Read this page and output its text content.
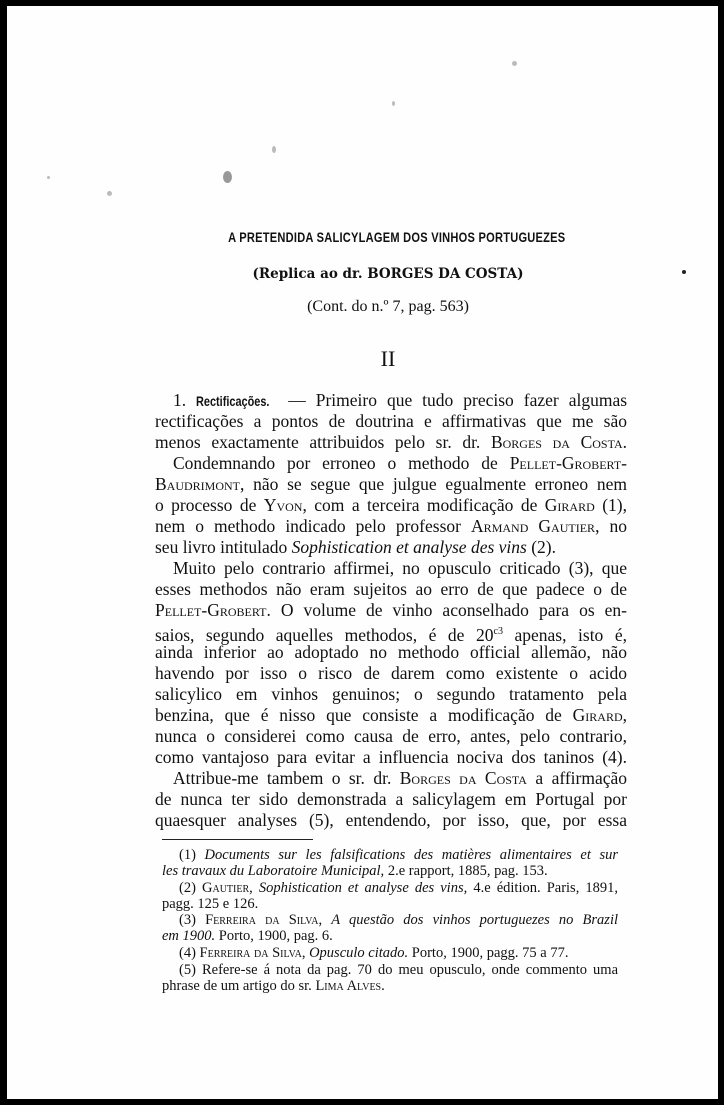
A PRETENDIDA SALICYLAGEM DOS VINHOS PORTUGUEZES
(Replica ao dr. BORGES DA COSTA)
(Cont. do n.º 7, pag. 563)
II
1. Rectificações. — Primeiro que tudo preciso fazer algumas
rectificações a pontos de doutrina e affirmativas que me são
menos exactamente attribuidos pelo sr. dr. Borges da Costa.
Condemnando por erroneo o methodo de Pellet-Grobert-
Baudrimont, não se segue que julgue egualmente erroneo nem
o processo de Yvon, com a terceira modificação de Girard (1),
nem o methodo indicado pelo professor Armand Gautier, no
seu livro intitulado Sophistication et analyse des vins (2).
Muito pelo contrario affirmei, no opusculo criticado (3), que
esses methodos não eram sujeitos ao erro de que padece o de
Pellet-Grobert. O volume de vinho aconselhado para os en-
saios, segundo aquelles methodos, é de $20^{c3}$ apenas, isto é,
ainda inferior ao adoptado no methodo official allemão, não
havendo por isso o risco de darem como existente o acido
salicylico em vinhos genuinos; o segundo tratamento pela
benzina, que é nisso que consiste a modificação de Girard,
nunca o considerei como causa de erro, antes, pelo contrario,
como vantajoso para evitar a influencia nociva dos taninos (4).
Attribue-me tambem o sr. dr. Borges da Costa a affirmação
de nunca ter sido demonstrada a salicylagem em Portugal por
quaesquer analyses (5), entendendo, por isso, que, por essa
(1) Documents sur les falsifications des matières alimentaires et sur
les travaux du Laboratoire Municipal, 2.e rapport, 1885, pag. 153.
(2) Gautier, Sophistication et analyse des vins, 4.e édition. Paris, 1891,
pagg. 125 e 126.
(3) Ferreira da Silva, A questão dos vinhos portuguezes no Brazil
em 1900. Porto, 1900, pag. 6.
(4) Ferreira da Silva, Opusculo citado. Porto, 1900, pagg. 75 a 77.
(5) Refere-se á nota da pag. 70 do meu opusculo, onde commento uma
phrase de um artigo do sr. Lima Alves.
